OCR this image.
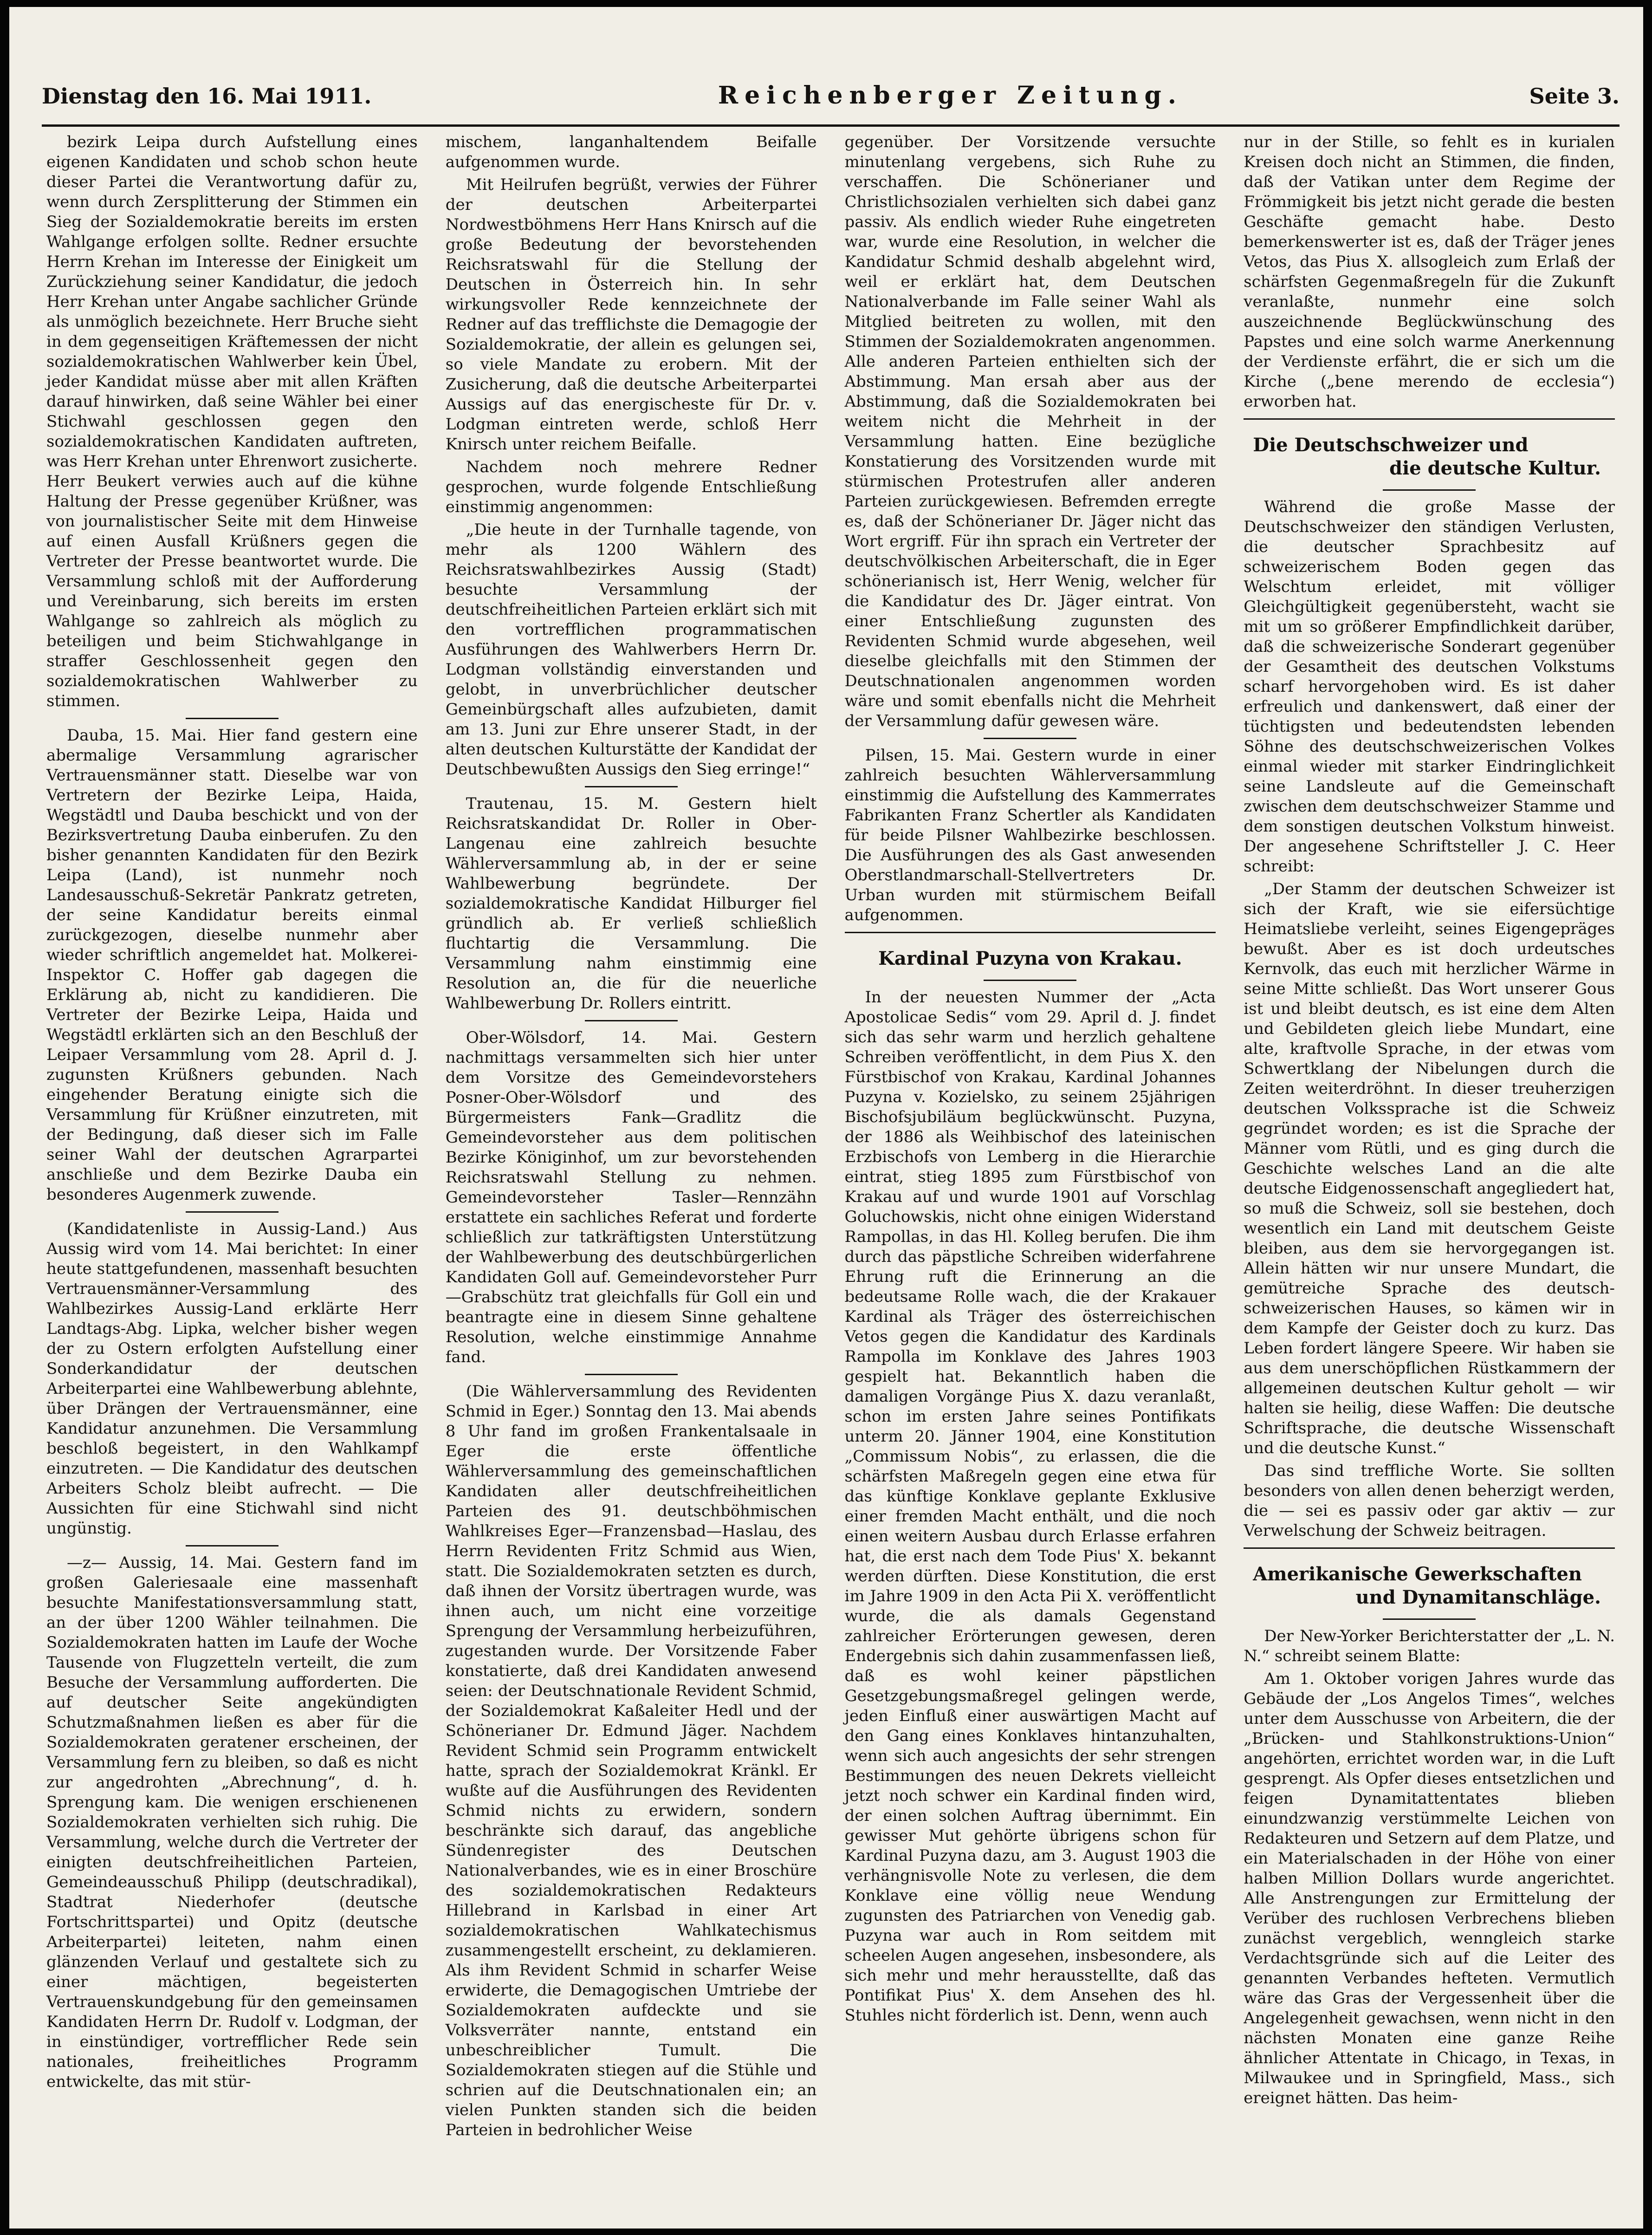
Dienstag den 16. Mai 1911.	Reichenberger Zeitung.	Seite 3.

bezirk Leipa durch Aufstellung eines eigenen Kandidaten und schob schon heute dieser Partei die Verantwortung dafür zu, wenn durch Zersplitterung der Stimmen ein Sieg der Sozialdemokratie bereits im ersten Wahlgange erfolgen sollte. Redner ersuchte Herrn Krehan im Interesse der Einigkeit um Zurückziehung seiner Kandidatur, die jedoch Herr Krehan unter Angabe sachlicher Gründe als unmöglich bezeichnete. Herr Bruche sieht in dem gegenseitigen Kräftemessen der nicht sozialdemokratischen Wahlwerber kein Übel, jeder Kandidat müsse aber mit allen Kräften darauf hinwirken, daß seine Wähler bei einer Stichwahl geschlossen gegen den sozialdemokratischen Kandidaten auftreten, was Herr Krehan unter Ehrenwort zusicherte. Herr Beukert verwies auch auf die kühne Haltung der Presse gegenüber Krüßner, was von journalistischer Seite mit dem Hinweise auf einen Ausfall Krüßners gegen die Vertreter der Presse beantwortet wurde. Die Versammlung schloß mit der Aufforderung und Vereinbarung, sich bereits im ersten Wahlgange so zahlreich als möglich zu beteiligen und beim Stichwahlgange in straffer Geschlossenheit gegen den sozialdemokratischen Wahlwerber zu stimmen.

Dauba, 15. Mai. Hier fand gestern eine abermalige Versammlung agrarischer Vertrauensmänner statt. Dieselbe war von Vertretern der Bezirke Leipa, Haida, Wegstädtl und Dauba beschickt und von der Bezirksvertretung Dauba einberufen. Zu den bisher genannten Kandidaten für den Bezirk Leipa (Land), ist nunmehr noch Landesausschuß-Sekretär Pankratz getreten, der seine Kandidatur bereits einmal zurückgezogen, dieselbe nunmehr aber wieder schriftlich angemeldet hat. Molkerei-Inspektor C. Hoffer gab dagegen die Erklärung ab, nicht zu kandidieren. Die Vertreter der Bezirke Leipa, Haida und Wegstädtl erklärten sich an den Beschluß der Leipaer Versammlung vom 28. April d. J. zugunsten Krüßners gebunden. Nach eingehender Beratung einigte sich die Versammlung für Krüßner einzutreten, mit der Bedingung, daß dieser sich im Falle seiner Wahl der deutschen Agrarpartei anschließe und dem Bezirke Dauba ein besonderes Augenmerk zuwende.

(Kandidatenliste in Aussig-Land.) Aus Aussig wird vom 14. Mai berichtet: In einer heute stattgefundenen, massenhaft besuchten Vertrauensmänner-Versammlung des Wahlbezirkes Aussig-Land erklärte Herr Landtags-Abg. Lipka, welcher bisher wegen der zu Ostern erfolgten Aufstellung einer Sonderkandidatur der deutschen Arbeiterpartei eine Wahlbewerbung ablehnte, über Drängen der Vertrauensmänner, eine Kandidatur anzunehmen. Die Versammlung beschloß begeistert, in den Wahlkampf einzutreten. — Die Kandidatur des deutschen Arbeiters Scholz bleibt aufrecht. — Die Aussichten für eine Stichwahl sind nicht ungünstig.

—z— Aussig, 14. Mai. Gestern fand im großen Galeriesaale eine massenhaft besuchte Manifestationsversammlung statt, an der über 1200 Wähler teilnahmen. Die Sozialdemokraten hatten im Laufe der Woche Tausende von Flugzetteln verteilt, die zum Besuche der Versammlung aufforderten. Die auf deutscher Seite angekündigten Schutzmaßnahmen ließen es aber für die Sozialdemokraten geratener erscheinen, der Versammlung fern zu bleiben, so daß es nicht zur angedrohten „Abrechnung“, d. h. Sprengung kam. Die wenigen erschienenen Sozialdemokraten verhielten sich ruhig. Die Versammlung, welche durch die Vertreter der einigten deutschfreiheitlichen Parteien, Gemeindeausschuß Philipp (deutschradikal), Stadtrat Niederhofer (deutsche Fortschrittspartei) und Opitz (deutsche Arbeiterpartei) leiteten, nahm einen glänzenden Verlauf und gestaltete sich zu einer mächtigen, begeisterten Vertrauenskundgebung für den gemeinsamen Kandidaten Herrn Dr. Rudolf v. Lodgman, der in einstündiger, vortrefflicher Rede sein nationales, freiheitliches Programm entwickelte, das mit stür-

mischem, langanhaltendem Beifalle aufgenommen wurde.

Mit Heilrufen begrüßt, verwies der Führer der deutschen Arbeiterpartei Nordwestböhmens Herr Hans Knirsch auf die große Bedeutung der bevorstehenden Reichsratswahl für die Stellung der Deutschen in Österreich hin. In sehr wirkungsvoller Rede kennzeichnete der Redner auf das trefflichste die Demagogie der Sozialdemokratie, der allein es gelungen sei, so viele Mandate zu erobern. Mit der Zusicherung, daß die deutsche Arbeiterpartei Aussigs auf das energischeste für Dr. v. Lodgman eintreten werde, schloß Herr Knirsch unter reichem Beifalle.

Nachdem noch mehrere Redner gesprochen, wurde folgende Entschließung einstimmig angenommen:

„Die heute in der Turnhalle tagende, von mehr als 1200 Wählern des Reichsratswahlbezirkes Aussig (Stadt) besuchte Versammlung der deutschfreiheitlichen Parteien erklärt sich mit den vortrefflichen programmatischen Ausführungen des Wahlwerbers Herrn Dr. Lodgman vollständig einverstanden und gelobt, in unverbrüchlicher deutscher Gemeinbürgschaft alles aufzubieten, damit am 13. Juni zur Ehre unserer Stadt, in der alten deutschen Kulturstätte der Kandidat der Deutschbewußten Aussigs den Sieg erringe!“

Trautenau, 15. M. Gestern hielt Reichsratskandidat Dr. Roller in Ober-Langenau eine zahlreich besuchte Wählerversammlung ab, in der er seine Wahlbewerbung begründete. Der sozialdemokratische Kandidat Hilburger fiel gründlich ab. Er verließ schließlich fluchtartig die Versammlung. Die Versammlung nahm einstimmig eine Resolution an, die für die neuerliche Wahlbewerbung Dr. Rollers eintritt.

Ober-Wölsdorf, 14. Mai. Gestern nachmittags versammelten sich hier unter dem Vorsitze des Gemeindevorstehers Posner-Ober-Wölsdorf und des Bürgermeisters Fank—Gradlitz die Gemeindevorsteher aus dem politischen Bezirke Königinhof, um zur bevorstehenden Reichsratswahl Stellung zu nehmen. Gemeindevorsteher Tasler—Rennzähn erstattete ein sachliches Referat und forderte schließlich zur tatkräftigsten Unterstützung der Wahlbewerbung des deutschbürgerlichen Kandidaten Goll auf. Gemeindevorsteher Purr—Grabschütz trat gleichfalls für Goll ein und beantragte eine in diesem Sinne gehaltene Resolution, welche einstimmige Annahme fand.

(Die Wählerversammlung des Revidenten Schmid in Eger.) Sonntag den 13. Mai abends 8 Uhr fand im großen Frankentalsaale in Eger die erste öffentliche Wählerversammlung des gemeinschaftlichen Kandidaten aller deutschfreiheitlichen Parteien des 91. deutschböhmischen Wahlkreises Eger—Franzensbad—Haslau, des Herrn Revidenten Fritz Schmid aus Wien, statt. Die Sozialdemokraten setzten es durch, daß ihnen der Vorsitz übertragen wurde, was ihnen auch, um nicht eine vorzeitige Sprengung der Versammlung herbeizuführen, zugestanden wurde. Der Vorsitzende Faber konstatierte, daß drei Kandidaten anwesend seien: der Deutschnationale Revident Schmid, der Sozialdemokrat Kaßaleiter Hedl und der Schönerianer Dr. Edmund Jäger. Nachdem Revident Schmid sein Programm entwickelt hatte, sprach der Sozialdemokrat Kränkl. Er wußte auf die Ausführungen des Revidenten Schmid nichts zu erwidern, sondern beschränkte sich darauf, das angebliche Sündenregister des Deutschen Nationalverbandes, wie es in einer Broschüre des sozialdemokratischen Redakteurs Hillebrand in Karlsbad in einer Art sozialdemokratischen Wahlkatechismus zusammengestellt erscheint, zu deklamieren. Als ihm Revident Schmid in scharfer Weise erwiderte, die Demagogischen Umtriebe der Sozialdemokraten aufdeckte und sie Volksverräter nannte, entstand ein unbeschreiblicher Tumult. Die Sozialdemokraten stiegen auf die Stühle und schrien auf die Deutschnationalen ein; an vielen Punkten standen sich die beiden Parteien in bedrohlicher Weise

gegenüber. Der Vorsitzende versuchte minutenlang vergebens, sich Ruhe zu verschaffen. Die Schönerianer und Christlichsozialen verhielten sich dabei ganz passiv. Als endlich wieder Ruhe eingetreten war, wurde eine Resolution, in welcher die Kandidatur Schmid deshalb abgelehnt wird, weil er erklärt hat, dem Deutschen Nationalverbande im Falle seiner Wahl als Mitglied beitreten zu wollen, mit den Stimmen der Sozialdemokraten angenommen. Alle anderen Parteien enthielten sich der Abstimmung. Man ersah aber aus der Abstimmung, daß die Sozialdemokraten bei weitem nicht die Mehrheit in der Versammlung hatten. Eine bezügliche Konstatierung des Vorsitzenden wurde mit stürmischen Protestrufen aller anderen Parteien zurückgewiesen. Befremden erregte es, daß der Schönerianer Dr. Jäger nicht das Wort ergriff. Für ihn sprach ein Vertreter der deutschvölkischen Arbeiterschaft, die in Eger schönerianisch ist, Herr Wenig, welcher für die Kandidatur des Dr. Jäger eintrat. Von einer Entschließung zugunsten des Revidenten Schmid wurde abgesehen, weil dieselbe gleichfalls mit den Stimmen der Deutschnationalen angenommen worden wäre und somit ebenfalls nicht die Mehrheit der Versammlung dafür gewesen wäre.

Pilsen, 15. Mai. Gestern wurde in einer zahlreich besuchten Wählerversammlung einstimmig die Aufstellung des Kammerrates Fabrikanten Franz Schertler als Kandidaten für beide Pilsner Wahlbezirke beschlossen. Die Ausführungen des als Gast anwesenden Oberstlandmarschall-Stellvertreters Dr. Urban wurden mit stürmischem Beifall aufgenommen.

Kardinal Puzyna von Krakau.

In der neuesten Nummer der „Acta Apostolicae Sedis“ vom 29. April d. J. findet sich das sehr warm und herzlich gehaltene Schreiben veröffentlicht, in dem Pius X. den Fürstbischof von Krakau, Kardinal Johannes Puzyna v. Kozielsko, zu seinem 25jährigen Bischofsjubiläum beglückwünscht. Puzyna, der 1886 als Weihbischof des lateinischen Erzbischofs von Lemberg in die Hierarchie eintrat, stieg 1895 zum Fürstbischof von Krakau auf und wurde 1901 auf Vorschlag Goluchowskis, nicht ohne einigen Widerstand Rampollas, in das Hl. Kolleg berufen. Die ihm durch das päpstliche Schreiben widerfahrene Ehrung ruft die Erinnerung an die bedeutsame Rolle wach, die der Krakauer Kardinal als Träger des österreichischen Vetos gegen die Kandidatur des Kardinals Rampolla im Konklave des Jahres 1903 gespielt hat. Bekanntlich haben die damaligen Vorgänge Pius X. dazu veranlaßt, schon im ersten Jahre seines Pontifikats unterm 20. Jänner 1904, eine Konstitution „Commissum Nobis“, zu erlassen, die die schärfsten Maßregeln gegen eine etwa für das künftige Konklave geplante Exklusive einer fremden Macht enthält, und die noch einen weitern Ausbau durch Erlasse erfahren hat, die erst nach dem Tode Pius' X. bekannt werden dürften. Diese Konstitution, die erst im Jahre 1909 in den Acta Pii X. veröffentlicht wurde, die als damals Gegenstand zahlreicher Erörterungen gewesen, deren Endergebnis sich dahin zusammenfassen ließ, daß es wohl keiner päpstlichen Gesetzgebungsmaßregel gelingen werde, jeden Einfluß einer auswärtigen Macht auf den Gang eines Konklaves hintanzuhalten, wenn sich auch angesichts der sehr strengen Bestimmungen des neuen Dekrets vielleicht jetzt noch schwer ein Kardinal finden wird, der einen solchen Auftrag übernimmt. Ein gewisser Mut gehörte übrigens schon für Kardinal Puzyna dazu, am 3. August 1903 die verhängnisvolle Note zu verlesen, die dem Konklave eine völlig neue Wendung zugunsten des Patriarchen von Venedig gab. Puzyna war auch in Rom seitdem mit scheelen Augen angesehen, insbesondere, als sich mehr und mehr herausstellte, daß das Pontifikat Pius' X. dem Ansehen des hl. Stuhles nicht förderlich ist. Denn, wenn auch

nur in der Stille, so fehlt es in kurialen Kreisen doch nicht an Stimmen, die finden, daß der Vatikan unter dem Regime der Frömmigkeit bis jetzt nicht gerade die besten Geschäfte gemacht habe. Desto bemerkenswerter ist es, daß der Träger jenes Vetos, das Pius X. allsogleich zum Erlaß der schärfsten Gegenmaßregeln für die Zukunft veranlaßte, nunmehr eine solch auszeichnende Beglückwünschung des Papstes und eine solch warme Anerkennung der Verdienste erfährt, die er sich um die Kirche („bene merendo de ecclesia“) erworben hat.

Die Deutschschweizer und
die deutsche Kultur.

Während die große Masse der Deutschschweizer den ständigen Verlusten, die deutscher Sprachbesitz auf schweizerischem Boden gegen das Welschtum erleidet, mit völliger Gleichgültigkeit gegenübersteht, wacht sie mit um so größerer Empfindlichkeit darüber, daß die schweizerische Sonderart gegenüber der Gesamtheit des deutschen Volkstums scharf hervorgehoben wird. Es ist daher erfreulich und dankenswert, daß einer der tüchtigsten und bedeutendsten lebenden Söhne des deutschschweizerischen Volkes einmal wieder mit starker Eindringlichkeit seine Landsleute auf die Gemeinschaft zwischen dem deutschschweizer Stamme und dem sonstigen deutschen Volkstum hinweist. Der angesehene Schriftsteller J. C. Heer schreibt:

„Der Stamm der deutschen Schweizer ist sich der Kraft, wie sie eifersüchtige Heimatsliebe verleiht, seines Eigengepräges bewußt. Aber es ist doch urdeutsches Kernvolk, das euch mit herzlicher Wärme in seine Mitte schließt. Das Wort unserer Gous ist und bleibt deutsch, es ist eine dem Alten und Gebildeten gleich liebe Mundart, eine alte, kraftvolle Sprache, in der etwas vom Schwertklang der Nibelungen durch die Zeiten weiterdröhnt. In dieser treuherzigen deutschen Volkssprache ist die Schweiz gegründet worden; es ist die Sprache der Männer vom Rütli, und es ging durch die Geschichte welsches Land an die alte deutsche Eidgenossenschaft angegliedert hat, so muß die Schweiz, soll sie bestehen, doch wesentlich ein Land mit deutschem Geiste bleiben, aus dem sie hervorgegangen ist. Allein hätten wir nur unsere Mundart, die gemütreiche Sprache des deutsch-schweizerischen Hauses, so kämen wir in dem Kampfe der Geister doch zu kurz. Das Leben fordert längere Speere. Wir haben sie aus dem unerschöpflichen Rüstkammern der allgemeinen deutschen Kultur geholt — wir halten sie heilig, diese Waffen: Die deutsche Schriftsprache, die deutsche Wissenschaft und die deutsche Kunst.“

Das sind treffliche Worte. Sie sollten besonders von allen denen beherzigt werden, die — sei es passiv oder gar aktiv — zur Verwelschung der Schweiz beitragen.

Amerikanische Gewerkschaften
und Dynamitanschläge.

Der New-Yorker Berichterstatter der „L. N. N.“ schreibt seinem Blatte:

Am 1. Oktober vorigen Jahres wurde das Gebäude der „Los Angelos Times“, welches unter dem Ausschusse von Arbeitern, die der „Brücken- und Stahlkonstruktions-Union“ angehörten, errichtet worden war, in die Luft gesprengt. Als Opfer dieses entsetzlichen und feigen Dynamitattentates blieben einundzwanzig verstümmelte Leichen von Redakteuren und Setzern auf dem Platze, und ein Materialschaden in der Höhe von einer halben Million Dollars wurde angerichtet. Alle Anstrengungen zur Ermittelung der Verüber des ruchlosen Verbrechens blieben zunächst vergeblich, wenngleich starke Verdachtsgründe sich auf die Leiter des genannten Verbandes hefteten. Vermutlich wäre das Gras der Vergessenheit über die Angelegenheit gewachsen, wenn nicht in den nächsten Monaten eine ganze Reihe ähnlicher Attentate in Chicago, in Texas, in Milwaukee und in Springfield, Mass., sich ereignet hätten. Das heim-
